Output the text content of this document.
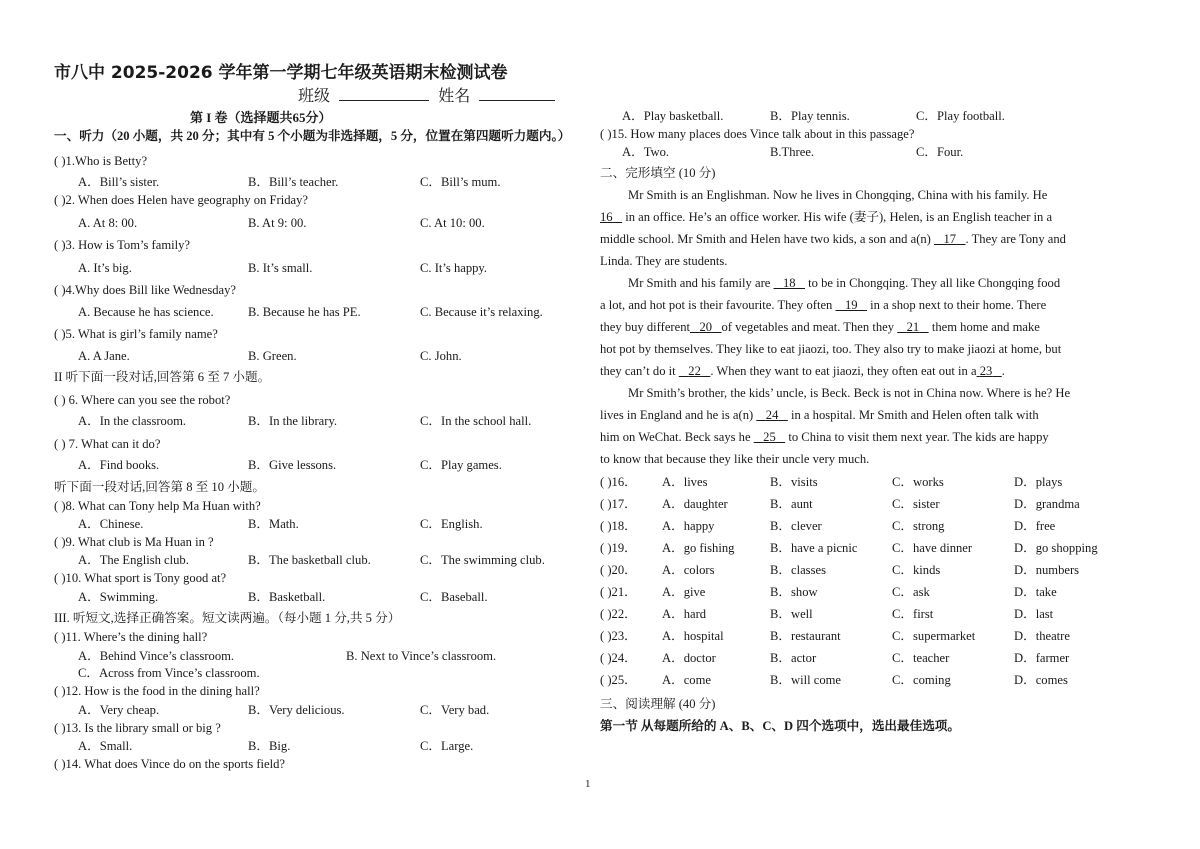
市八中 2025-2026 学年第一学期七年级英语期末检测试卷
班级	姓名
第 I 卷（选择题共65分）
一、听力（20 小题，共 20 分；其中有 5 个小题为非选择题，5 分，位置在第四题听力题内。）
( )1.Who is Betty?
A．Bill’s sister.	B．Bill’s teacher.	C．Bill’s mum.
( )2. When does Helen have geography on Friday?
A. At 8: 00.	B. At 9: 00.	C. At 10: 00.
( )3. How is Tom’s family?
A. It’s big.	B. It’s small.	C. It’s happy.
( )4.Why does Bill like Wednesday?
A. Because he has science.	B. Because he has PE.	C. Because it’s relaxing.
( )5. What is girl’s family name?
A. A Jane.	B. Green.	C. John.
II 听下面一段对话,回答第 6 至 7 小题。
( ) 6. Where can you see the robot?
A．In the classroom.	B．In the library.	C．In the school hall.
( ) 7. What can it do?
A．Find books.	B．Give lessons.	C．Play games.
听下面一段对话,回答第 8 至 10 小题。
( )8. What can Tony help Ma Huan with?
A．Chinese.	B．Math.	C．English.
( )9. What club is Ma Huan in ?
A．The English club.	B．The basketball club.	C．The swimming club.
( )10. What sport is Tony good at?
A．Swimming.	B．Basketball.	C．Baseball.
III. 听短文,选择正确答案。短文读两遍。（每小题 1 分,共 5 分）
( )11. Where’s the dining hall?
A．Behind Vince’s classroom.	B. Next to Vince’s classroom.
C．Across from Vince’s classroom.
( )12. How is the food in the dining hall?
A．Very cheap.	B．Very delicious.	C．Very bad.
( )13. Is the library small or big ?
A．Small.	B．Big.	C．Large.
( )14. What does Vince do on the sports field?
A．Play basketball.	B．Play tennis.	C．Play football.
( )15. How many places does Vince talk about in this passage?
A．Two.	B.Three.	C．Four.
二、完形填空 (10 分)
Mr Smith is an Englishman. Now he lives in Chongqing, China with his family. He
16    in an office. He’s an office worker. His wife (妻子), Helen, is an English teacher in a
middle school. Mr Smith and Helen have two kids, a son and a(n)    17 . They are Tony and
Linda. They are students.
Mr Smith and his family are    18    to be in Chongqing. They all like Chongqing food
a lot, and hot pot is their favourite. They often    19    in a shop next to their home. There
they buy different 20 of vegetables and meat. Then they    21    them home and make
hot pot by themselves. They like to eat jiaozi, too. They also try to make jiaozi at home, but
they can’t do it    22 . When they want to eat jiaozi, they often eat out in a 23 .
Mr Smith’s brother, the kids’ uncle, is Beck. Beck is not in China now. Where is he? He
lives in England and he is a(n)    24    in a hospital. Mr Smith and Helen often talk with
him on WeChat. Beck says he    25    to China to visit them next year. The kids are happy
to know that because they like their uncle very much.
( )16． A．lives	B．visits	C．works	D．plays
( )17． A．daughter	B．aunt	C．sister	D．grandma
( )18． A．happy	B．clever	C．strong	D．free
( )19． A．go fishing	B．have a picnic	C．have dinner	D．go shopping
( )20． A．colors	B．classes	C．kinds	D．numbers
( )21． A．give	B．show	C．ask	D．take
( )22． A．hard	B．well	C．first	D．last
( )23． A．hospital	B．restaurant	C．supermarket	D．theatre
( )24． A．doctor	B．actor	C．teacher	D．farmer
( )25． A．come	B．will come	C．coming	D．comes
三、阅读理解 (40 分)
第一节 从每题所给的 A、B、C、D 四个选项中，选出最佳选项。
1
